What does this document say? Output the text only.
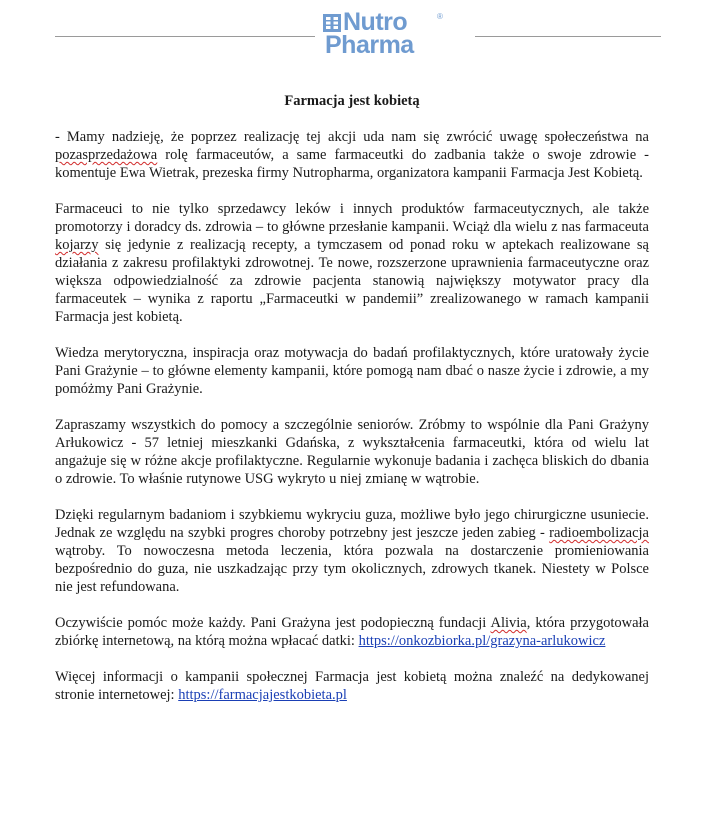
Nutro	®
Pharma

Farmacja jest kobietą

- Mamy nadzieję, że poprzez realizację tej akcji uda nam się zwrócić uwagę społeczeństwa na pozasprzedażowa rolę farmaceutów, a same farmaceutki do zadbania także o swoje zdrowie - komentuje Ewa Wietrak, prezeska firmy Nutropharma, organizatora kampanii Farmacja Jest Kobietą.

Farmaceuci to nie tylko sprzedawcy leków i innych produktów farmaceutycznych, ale także promotorzy i doradcy ds. zdrowia – to główne przesłanie kampanii. Wciąż dla wielu z nas farmaceuta kojarzy się jedynie z realizacją recepty, a tymczasem od ponad roku w aptekach realizowane są działania z zakresu profilaktyki zdrowotnej. Te nowe, rozszerzone uprawnienia farmaceutyczne oraz większa odpowiedzialność za zdrowie pacjenta stanowią największy motywator pracy dla farmaceutek – wynika z raportu „Farmaceutki w pandemii” zrealizowanego w ramach kampanii Farmacja jest kobietą.

Wiedza merytoryczna, inspiracja oraz motywacja do badań profilaktycznych, które uratowały życie Pani Grażynie – to główne elementy kampanii, które pomogą nam dbać o nasze życie i zdrowie, a my pomóżmy Pani Grażynie.

Zapraszamy wszystkich do pomocy a szczególnie seniorów. Zróbmy to wspólnie dla Pani Grażyny Arłukowicz - 57 letniej mieszkanki Gdańska, z wykształcenia farmaceutki, która od wielu lat angażuje się w różne akcje profilaktyczne. Regularnie wykonuje badania i zachęca bliskich do dbania o zdrowie. To właśnie rutynowe USG wykryto u niej zmianę w wątrobie.

Dzięki regularnym badaniom i szybkiemu wykryciu guza, możliwe było jego chirurgiczne usuniecie. Jednak ze względu na szybki progres choroby potrzebny jest jeszcze jeden zabieg - radioembolizacja wątroby. To nowoczesna metoda leczenia, która pozwala na dostarczenie promieniowania bezpośrednio do guza, nie uszkadzając przy tym okolicznych, zdrowych tkanek. Niestety w Polsce nie jest refundowana.

Oczywiście pomóc może każdy. Pani Grażyna jest podopieczną fundacji Alivia, która przygotowała zbiórkę internetową, na którą można wpłacać datki: https://onkozbiorka.pl/grazyna-arlukowicz

Więcej informacji o kampanii społecznej Farmacja jest kobietą można znaleźć na dedykowanej stronie internetowej: https://farmacjajestkobieta.pl
